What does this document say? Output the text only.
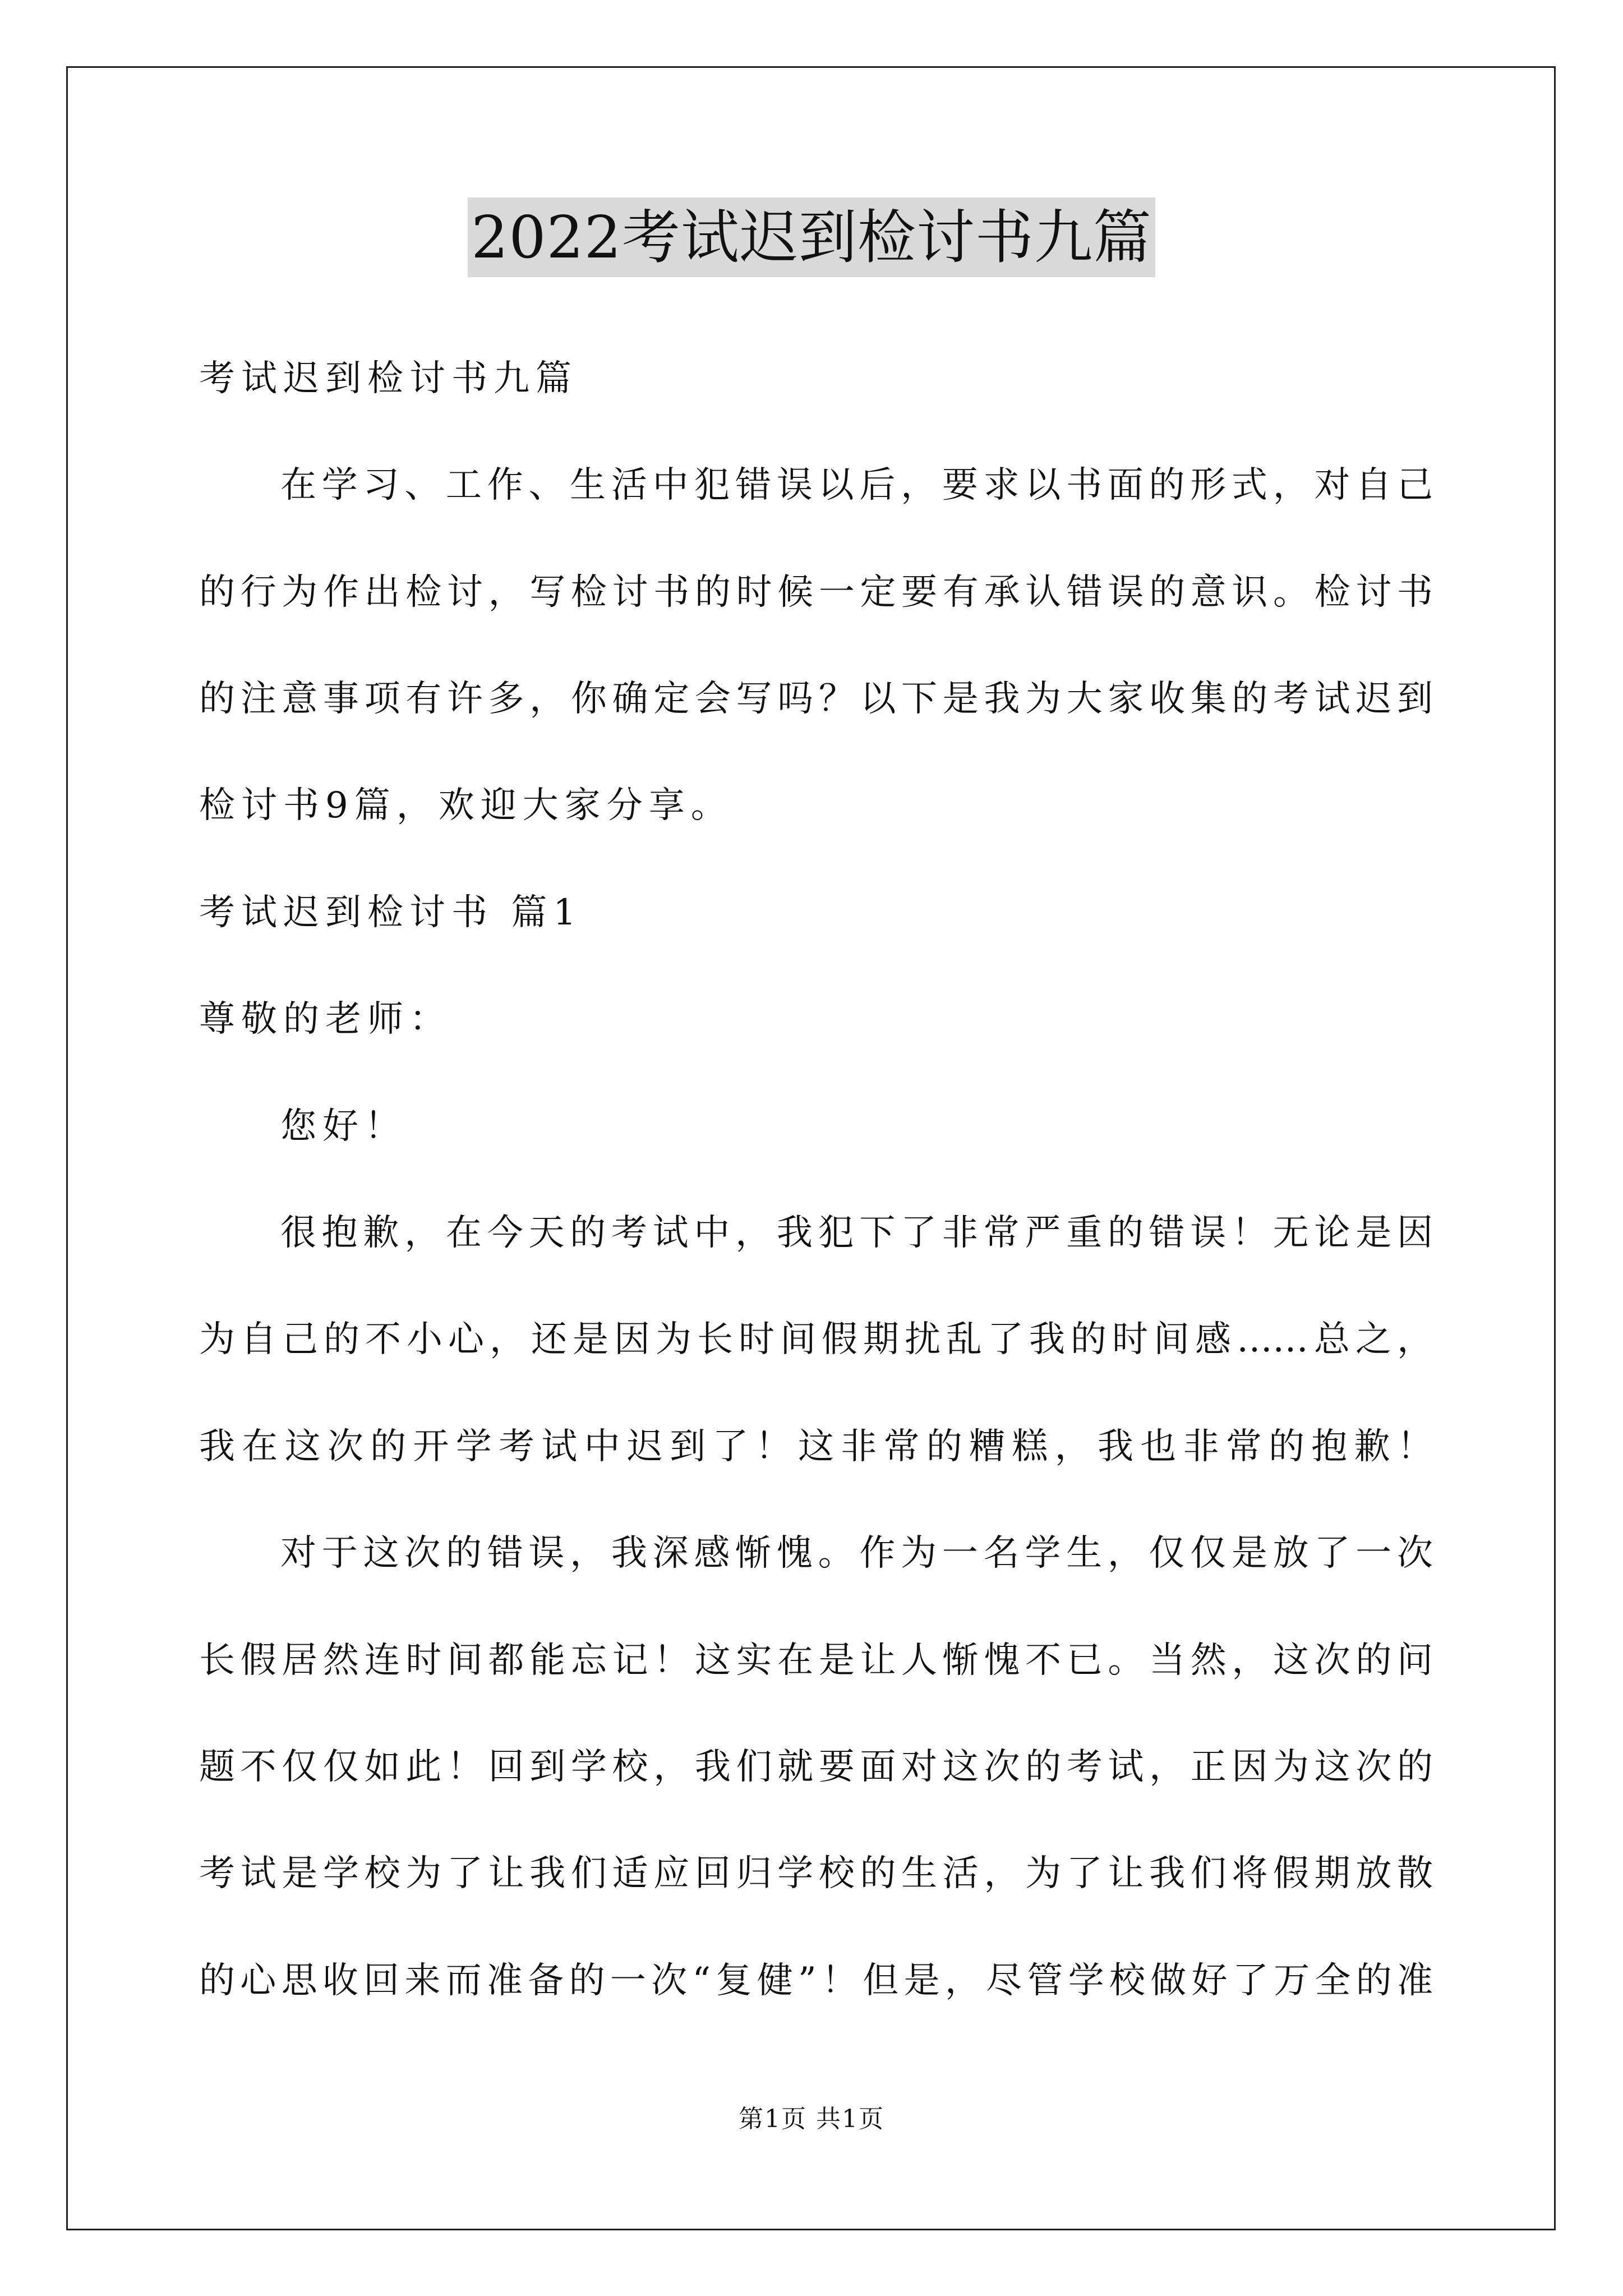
2022考试迟到检讨书九篇
考试迟到检讨书九篇
在学习、工作、生活中犯错误以后，要求以书面的形式，对自己
的行为作出检讨，写检讨书的时候一定要有承认错误的意识。检讨书
的注意事项有许多，你确定会写吗？以下是我为大家收集的考试迟到
检讨书9篇，欢迎大家分享。
考试迟到检讨书 篇1
尊敬的老师：
您好！
很抱歉，在今天的考试中，我犯下了非常严重的错误！无论是因
为自己的不小心，还是因为长时间假期扰乱了我的时间感……总之，
我在这次的开学考试中迟到了！这非常的糟糕，我也非常的抱歉！
对于这次的错误，我深感惭愧。作为一名学生，仅仅是放了一次
长假居然连时间都能忘记！这实在是让人惭愧不已。当然，这次的问
题不仅仅如此！回到学校，我们就要面对这次的考试，正因为这次的
考试是学校为了让我们适应回归学校的生活，为了让我们将假期放散
的心思收回来而准备的一次“复健”！但是，尽管学校做好了万全的准
第1页 共1页
